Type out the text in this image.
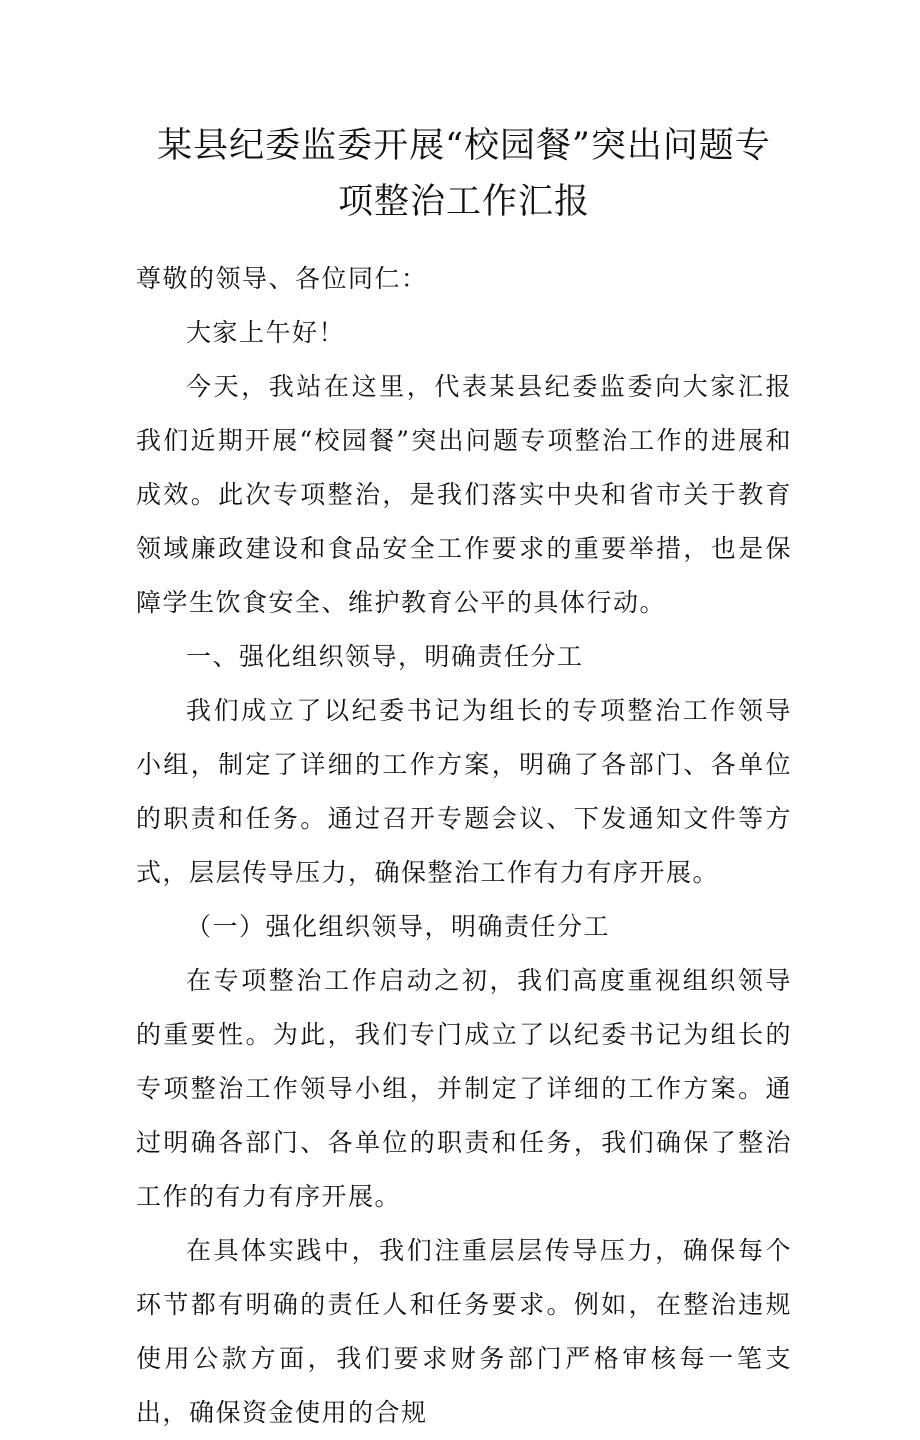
某县纪委监委开展“校园餐”突出问题专
项整治工作汇报

尊敬的领导、各位同仁：

大家上午好！

今天，我站在这里，代表某县纪委监委向大家汇报我们近期开展“校园餐”突出问题专项整治工作的进展和成效。此次专项整治，是我们落实中央和省市关于教育领域廉政建设和食品安全工作要求的重要举措，也是保障学生饮食安全、维护教育公平的具体行动。

一、强化组织领导，明确责任分工

我们成立了以纪委书记为组长的专项整治工作领导小组，制定了详细的工作方案，明确了各部门、各单位的职责和任务。通过召开专题会议、下发通知文件等方式，层层传导压力，确保整治工作有力有序开展。

（一）强化组织领导，明确责任分工

在专项整治工作启动之初，我们高度重视组织领导的重要性。为此，我们专门成立了以纪委书记为组长的专项整治工作领导小组，并制定了详细的工作方案。通过明确各部门、各单位的职责和任务，我们确保了整治工作的有力有序开展。

在具体实践中，我们注重层层传导压力，确保每个环节都有明确的责任人和任务要求。例如，在整治违规使用公款方面，我们要求财务部门严格审核每一笔支出，确保资金使用的合规
